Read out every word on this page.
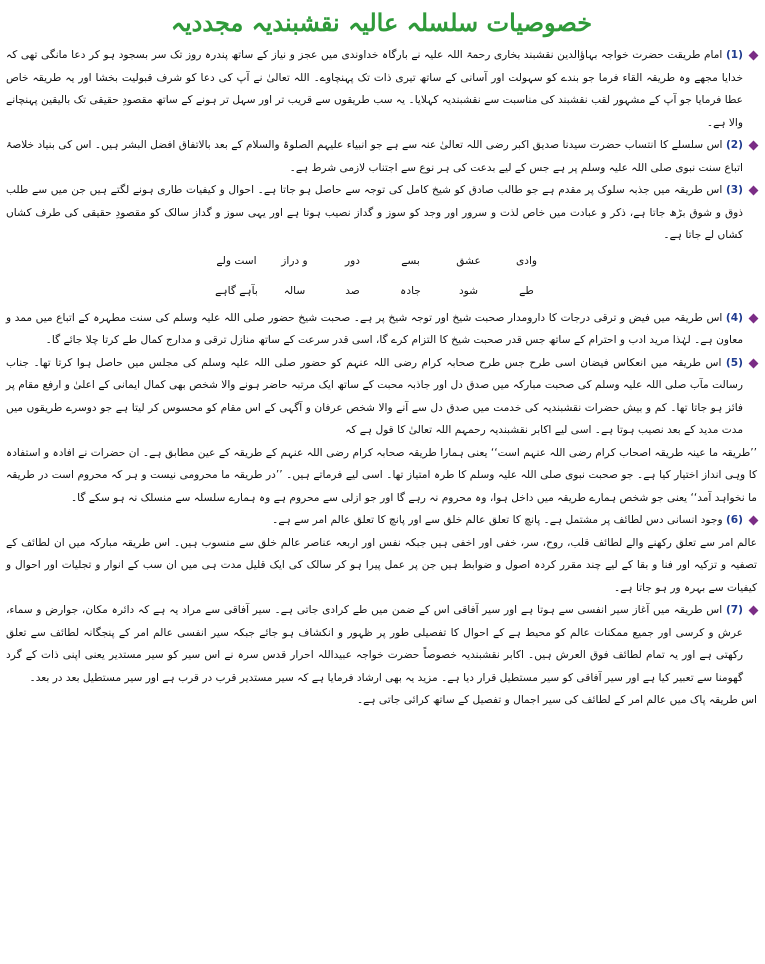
خصوصیات سلسلہ عالیہ نقشبندیہ مجددیہ

(1) امام طریقت حضرت خواجہ بہاؤالدین نقشبند بخاری رحمۃ اللہ علیہ نے بارگاہ خداوندی میں عجز و نیاز کے ساتھ پندرہ روز تک سر بسجود ہو کر دعا مانگی تھی کہ خدایا مجھے وہ طریقہ القاء فرما جو بندے کو سہولت اور آسانی کے ساتھ تیری ذات تک پہنچاوے۔ اللہ تعالیٰ نے آپ کی دعا کو شرف قبولیت بخشا اور یہ طریقہ خاص عطا فرمایا جو آپ کے مشہور لقب نقشبند کی مناسبت سے نقشبندیہ کہلایا۔ یہ سب طریقوں سے قریب تر اور سہل تر ہونے کے ساتھ مقصودِ حقیقی تک بالیقین پہنچانے والا ہے۔

(2) اس سلسلے کا انتساب حضرت سیدنا صدیق اکبر رضی اللہ تعالیٰ عنہ سے ہے جو انبیاء علیہم الصلوۃ والسلام کے بعد بالاتفاق افضل البشر ہیں۔ اس کی بنیاد خلاصۂ اتباع سنت نبوی صلی اللہ علیہ وسلم پر ہے جس کے لیے بدعت کی ہر نوع سے اجتناب لازمی شرط ہے۔

(3) اس طریقہ میں جذبہ سلوک پر مقدم ہے جو طالب صادق کو شیخ کامل کی توجہ سے حاصل ہو جاتا ہے۔ احوال و کیفیات طاری ہونے لگتے ہیں جن میں سے طلب ذوق و شوق بڑھ جاتا ہے، ذکر و عبادت میں خاص لذت و سرور اور وجد کو سوز و گداز نصیب ہوتا ہے اور یہی سوز و گداز سالک کو مقصودِ حقیقی کی طرف کشاں کشاں لے جاتا ہے۔

وادی
عشق
بسے
دور
و دراز
است ولے
طے
شود
جادہ
صد
سالہ
بآہے گاہے

(4) اس طریقہ میں فیض و ترقی درجات کا دارومدار صحبت شیخ اور توجہ شیخ پر ہے۔ صحبت شیخ حضور صلی اللہ علیہ وسلم کی سنت مطہرہ کے اتباع میں ممد و معاون ہے۔ لہٰذا مرید ادب و احترام کے ساتھ جس قدر صحبت شیخ کا التزام کرے گا، اسی قدر سرعت کے ساتھ منازل ترقی و مدارج کمال طے کرتا چلا جائے گا۔

(5) اس طریقہ میں انعکاس فیضان اسی طرح جس طرح صحابہ کرام رضی اللہ عنہم کو حضور صلی اللہ علیہ وسلم کی مجلس میں حاصل ہوا کرتا تھا۔ جناب رسالت مآب صلی اللہ علیہ وسلم کی صحبت مبارکہ میں صدق دل اور جاذبہ محبت کے ساتھ ایک مرتبہ حاضر ہونے والا شخص بھی کمال ایمانی کے اعلیٰ و ارفع مقام پر فائز ہو جاتا تھا۔ کم و بیش حضرات نقشبندیہ کی خدمت میں صدق دل سے آنے والا شخص عرفان و آگہی کے اس مقام کو محسوس کر لیتا ہے جو دوسرے طریقوں میں مدت مدید کے بعد نصیب ہوتا ہے۔ اسی لیے اکابر نقشبندیہ رحمہم اللہ تعالیٰ کا قول ہے کہ

’’طریقہ ما عینہ طریقہ اصحاب کرام رضی اللہ عنہم است‘‘ یعنی ہمارا طریقہ صحابہ کرام رضی اللہ عنہم کے طریقہ کے عین مطابق ہے۔ ان حضرات نے افادہ و استفادہ کا وہی انداز اختیار کیا ہے۔ جو صحبت نبوی صلی اللہ علیہ وسلم کا طرہ امتیاز تھا۔ اسی لیے فرماتے ہیں۔ ’’در طریقہ ما محرومی نیست و ہر کہ محروم است در طریقہ ما نخواہد آمد‘‘ یعنی جو شخص ہمارے طریقہ میں داخل ہوا، وہ محروم نہ رہے گا اور جو ازلی سے محروم ہے وہ ہمارے سلسلہ سے منسلک نہ ہو سکے گا۔

(6) وجود انسانی دس لطائف پر مشتمل ہے۔ پانچ کا تعلق عالم خلق سے اور پانچ کا تعلق عالم امر سے ہے۔

عالم امر سے تعلق رکھنے والے لطائف قلب، روح، سر، خفی اور اخفی ہیں جبکہ نفس اور اربعہ عناصر عالم خلق سے منسوب ہیں۔ اس طریقہ مبارکہ میں ان لطائف کے تصفیہ و تزکیہ اور فنا و بقا کے لیے چند مقرر کردہ اصول و ضوابط ہیں جن پر عمل پیرا ہو کر سالک کی ایک قلیل مدت ہی میں ان سب کے انوار و تجلیات اور احوال و کیفیات سے بہرہ ور ہو جاتا ہے۔

(7) اس طریقہ میں آغاز سیر انفسی سے ہوتا ہے اور سیر آفاقی اس کے ضمن میں طے کرادی جاتی ہے۔ سیر آفاقی سے مراد یہ ہے کہ دائرہ مکان، جوارض و سماء، عرش و کرسی اور جمیع ممکنات عالم کو محیط ہے کے احوال کا تفصیلی طور پر ظہور و انکشاف ہو جائے جبکہ سیر انفسی عالم امر کے پنجگانہ لطائف سے تعلق رکھتی ہے اور یہ تمام لطائف فوق العرش ہیں۔ اکابر نقشبندیہ خصوصاً حضرت خواجہ عبیداللہ احرار قدس سرہ نے اس سیر کو سیر مستدیر یعنی اپنی ذات کے گرد گھومنا سے تعبیر کیا ہے اور سیر آفاقی کو سیر مستطیل قرار دیا ہے۔ مزید یہ بھی ارشاد فرمایا ہے کہ سیر مستدیر قرب در قرب ہے اور سیر مستطیل بعد در بعد۔

اس طریقہ پاک میں عالم امر کے لطائف کی سیر اجمال و تفصیل کے ساتھ کرائی جاتی ہے۔
